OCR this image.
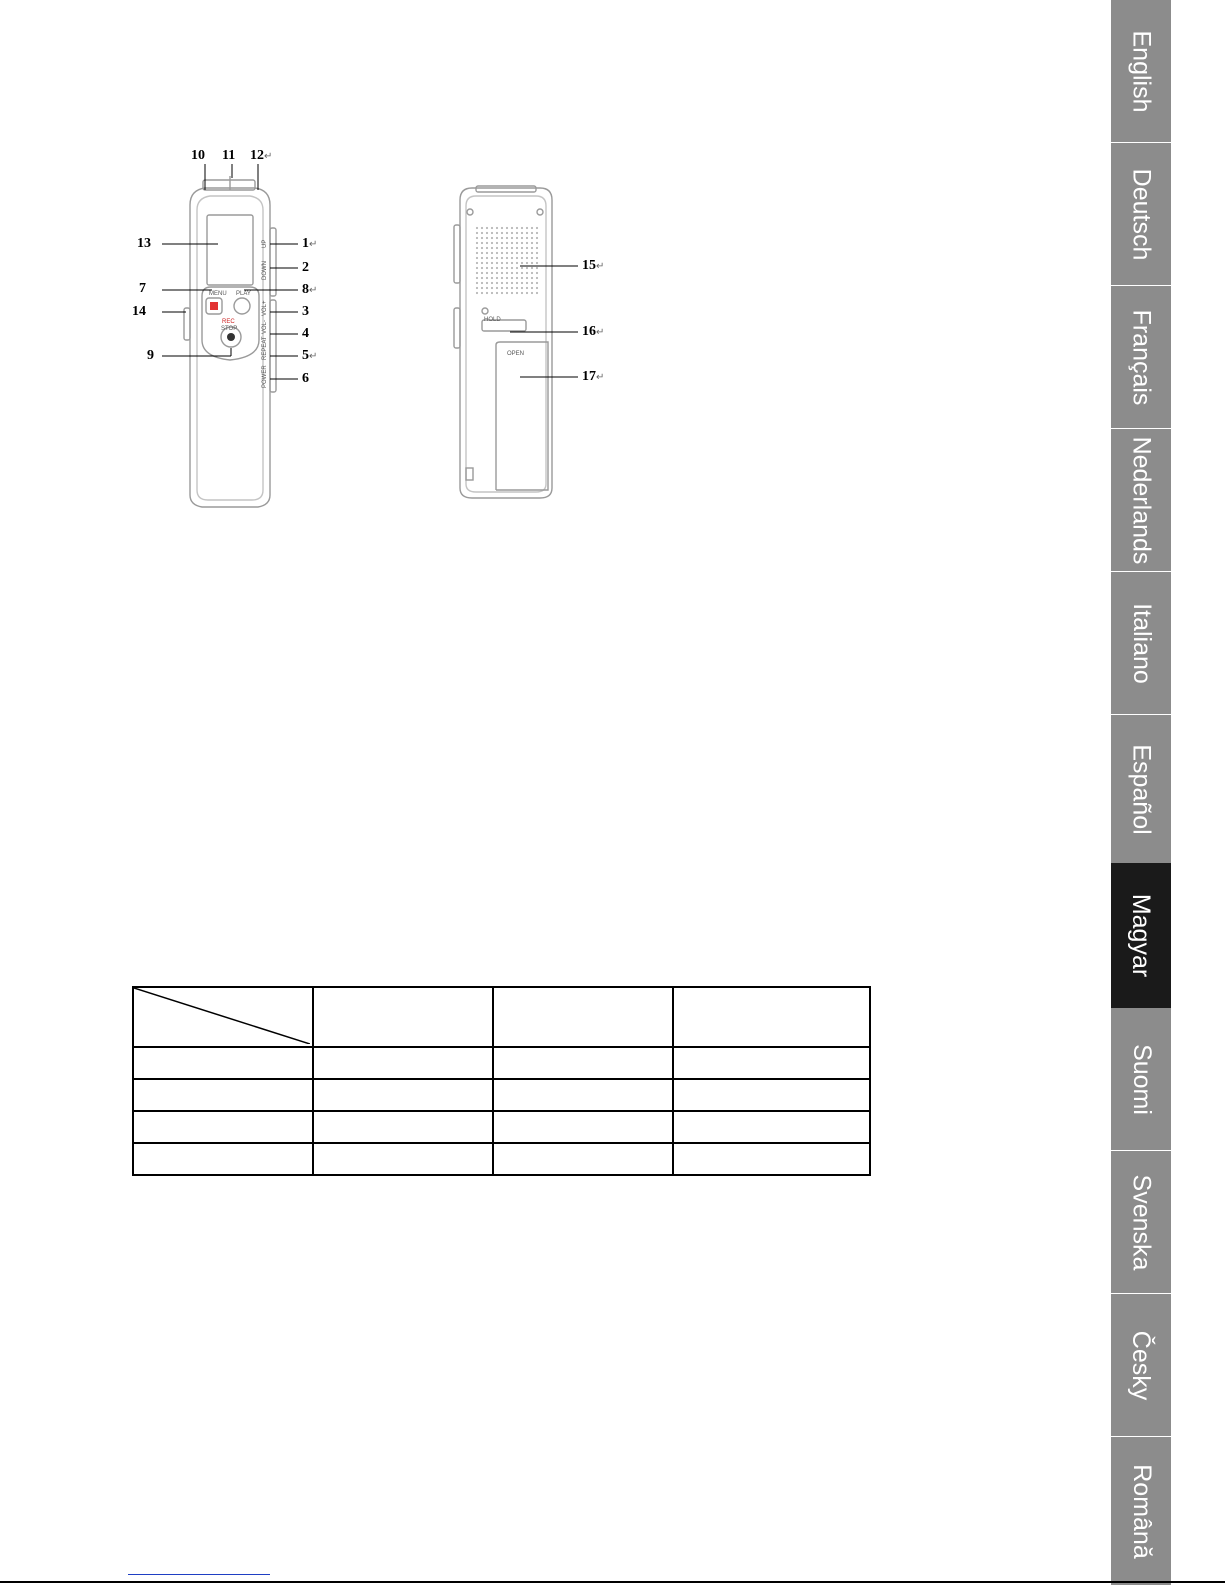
MENU PLAY
REC
STOP
UP
DOWN
VOL+
VOL-
REPEAT
POWER
HOLD
OPEN
10 11 12↵
13	1↵
2
7	8↵
14	3
4
9	5↵
6
15↵
16↵
17↵

English
Deutsch
Français
Nederlands
Italiano
Español
Magyar
Suomi
Svenska
Česky
Română
